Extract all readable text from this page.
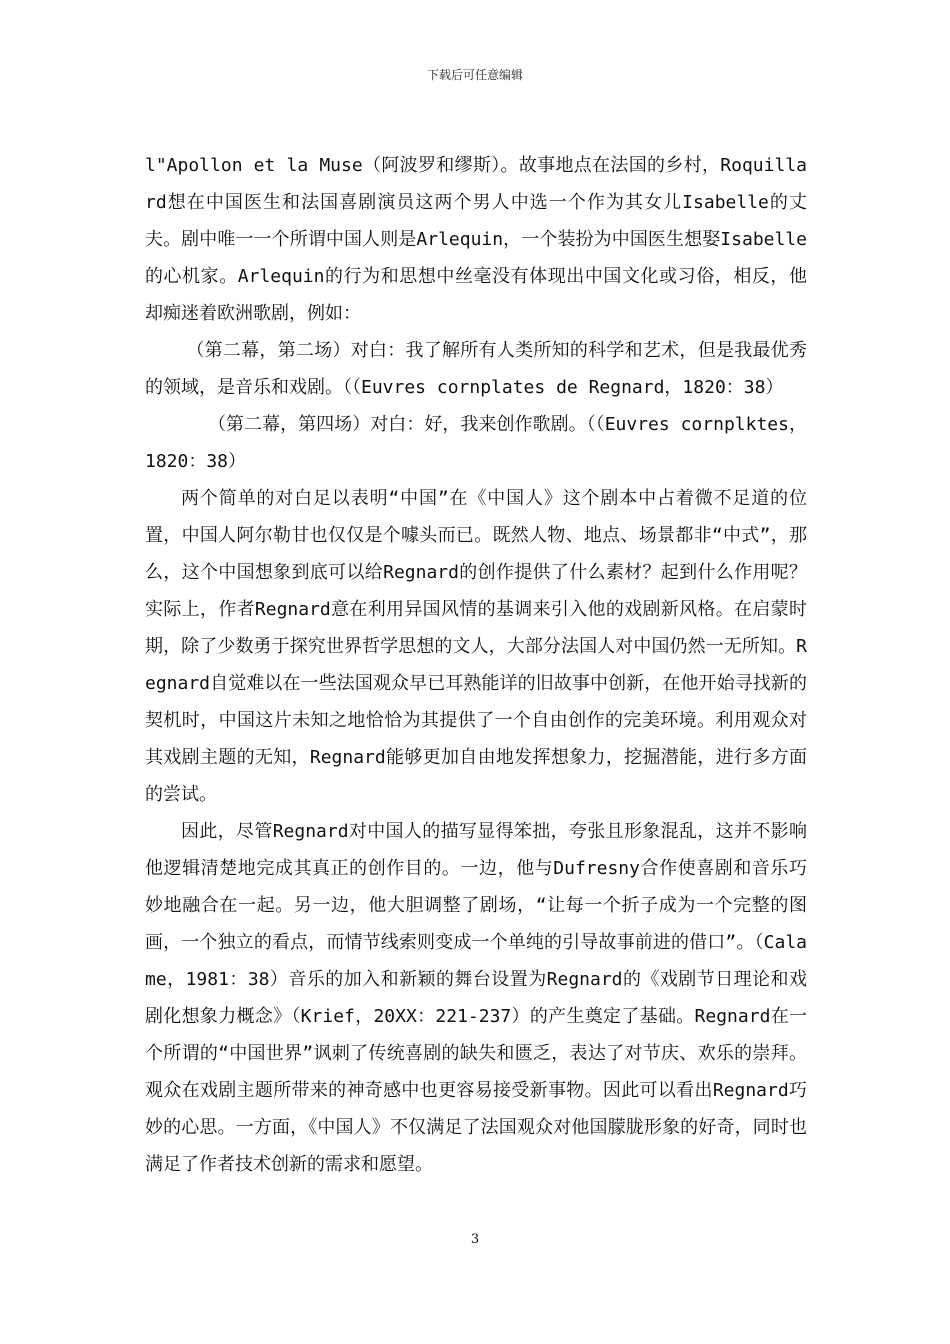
下载后可任意编辑

l"Apollon et la Muse（阿波罗和缪斯）。故事地点在法国的乡村，Roquillard想在中国医生和法国喜剧演员这两个男人中选一个作为其女儿Isabelle的丈夫。剧中唯一一个所谓中国人则是Arlequin，一个装扮为中国医生想娶Isabelle的心机家。Arlequin的行为和思想中丝毫没有体现出中国文化或习俗，相反，他却痴迷着欧洲歌剧，例如：

（第二幕，第二场）对白：我了解所有人类所知的科学和艺术，但是我最优秀的领域，是音乐和戏剧。（（Euvres cornplates de Regnard，1820：38）

（第二幕，第四场）对白：好，我来创作歌剧。（（Euvres cornplktes，1820：38）

两个简单的对白足以表明“中国”在《中国人》这个剧本中占着微不足道的位置，中国人阿尔勒甘也仅仅是个噱头而已。既然人物、地点、场景都非“中式”，那么，这个中国想象到底可以给Regnard的创作提供了什么素材？起到什么作用呢？实际上，作者Regnard意在利用异国风情的基调来引入他的戏剧新风格。在启蒙时期，除了少数勇于探究世界哲学思想的文人，大部分法国人对中国仍然一无所知。Regnard自觉难以在一些法国观众早已耳熟能详的旧故事中创新，在他开始寻找新的契机时，中国这片未知之地恰恰为其提供了一个自由创作的完美环境。利用观众对其戏剧主题的无知，Regnard能够更加自由地发挥想象力，挖掘潜能，进行多方面的尝试。

因此，尽管Regnard对中国人的描写显得笨拙，夸张且形象混乱，这并不影响他逻辑清楚地完成其真正的创作目的。一边，他与Dufresny合作使喜剧和音乐巧妙地融合在一起。另一边，他大胆调整了剧场，“让每一个折子成为一个完整的图画，一个独立的看点，而情节线索则变成一个单纯的引导故事前进的借口”。（Calame，1981：38）音乐的加入和新颖的舞台设置为Regnard的《戏剧节日理论和戏剧化想象力概念》（Krief，20XX：221-237）的产生奠定了基础。Regnard在一个所谓的“中国世界”讽刺了传统喜剧的缺失和匮乏，表达了对节庆、欢乐的崇拜。观众在戏剧主题所带来的神奇感中也更容易接受新事物。因此可以看出Regnard巧妙的心思。一方面，《中国人》不仅满足了法国观众对他国朦胧形象的好奇，同时也满足了作者技术创新的需求和愿望。

3
